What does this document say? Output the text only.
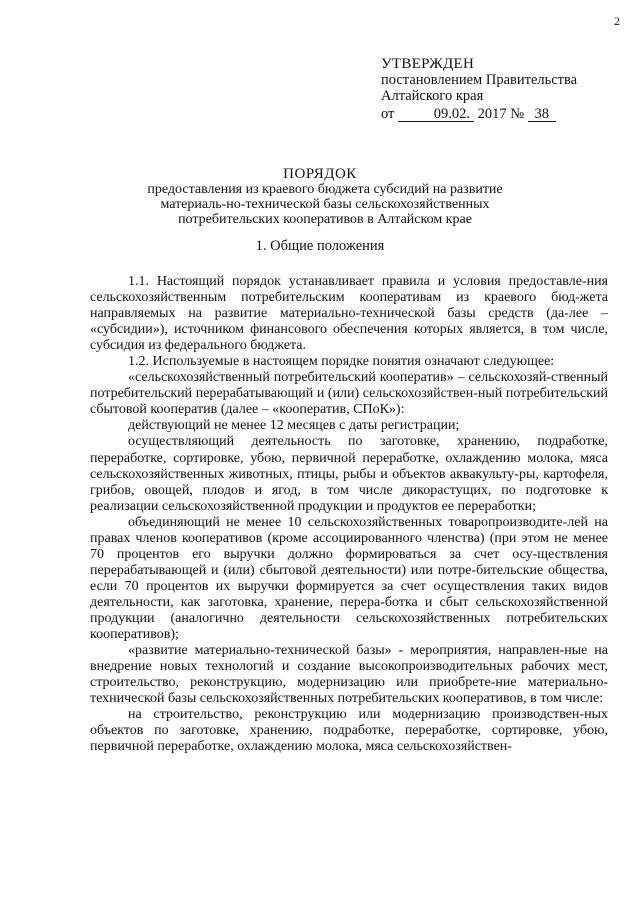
2
УТВЕРЖДЕН
постановлением Правительства
Алтайского края
от	09.02. 2017 № 38
ПОРЯДОК
предоставления из краевого бюджета субсидий на развитие материаль-но-технической базы сельскохозяйственных потребительских кооперативов в Алтайском крае
1. Общие положения

1.1. Настоящий порядок устанавливает правила и условия предоставле-ния сельскохозяйственным потребительским кооперативам из краевого бюд-жета направляемых на развитие материально-технической базы средств (да-лее – «субсидии»), источником финансового обеспечения которых является, в том числе, субсидия из федерального бюджета.

1.2. Используемые в настоящем порядке понятия означают следующее:

«сельскохозяйственный потребительский кооператив» – сельскохозяй-ственный потребительский перерабатывающий и (или) сельскохозяйствен-ный потребительский сбытовой кооператив (далее – «кооператив, СПоК»):

действующий не менее 12 месяцев с даты регистрации;

осуществляющий деятельность по заготовке, хранению, подработке, переработке, сортировке, убою, первичной переработке, охлаждению молока, мяса сельскохозяйственных животных, птицы, рыбы и объектов аквакульту-ры, картофеля, грибов, овощей, плодов и ягод, в том числе дикорастущих, по подготовке к реализации сельскохозяйственной продукции и продуктов ее переработки;

объединяющий не менее 10 сельскохозяйственных товаропроизводите-лей на правах членов кооперативов (кроме ассоциированного членства) (при этом не менее 70 процентов его выручки должно формироваться за счет осу-ществления перерабатывающей и (или) сбытовой деятельности) или потре-бительские общества, если 70 процентов их выручки формируется за счет осуществления таких видов деятельности, как заготовка, хранение, перера-ботка и сбыт сельскохозяйственной продукции (аналогично деятельности сельскохозяйственных потребительских кооперативов);

«развитие материально-технической базы» - мероприятия, направлен-ные на внедрение новых технологий и создание высокопроизводительных рабочих мест, строительство, реконструкцию, модернизацию или приобрете-ние материально-технической базы сельскохозяйственных потребительских кооперативов, в том числе:

на строительство, реконструкцию или модернизацию производствен-ных объектов по заготовке, хранению, подработке, переработке, сортировке, убою, первичной переработке, охлаждению молока, мяса сельскохозяйствен-
